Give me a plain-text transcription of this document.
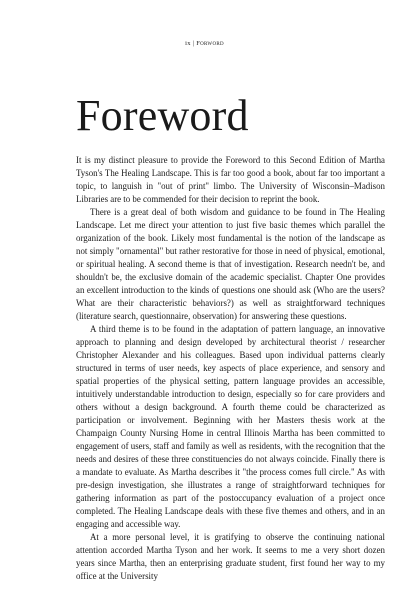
ix | Forword
Foreword

It is my distinct pleasure to provide the Foreword to this Second Edition of Martha Tyson's The Healing Landscape. This is far too good a book, about far too important a topic, to languish in "out of print" limbo. The University of Wisconsin–Madison Libraries are to be commended for their decision to reprint the book.

There is a great deal of both wisdom and guidance to be found in The Healing Landscape. Let me direct your attention to just five basic themes which parallel the organization of the book. Likely most fundamental is the notion of the landscape as not simply "ornamental" but rather restorative for those in need of physical, emotional, or spiritual healing. A second theme is that of investigation. Research needn't be, and shouldn't be, the exclusive domain of the academic specialist. Chapter One provides an excellent introduction to the kinds of questions one should ask (Who are the users? What are their characteristic behaviors?) as well as straightforward techniques (literature search, questionnaire, observation) for answering these questions.

A third theme is to be found in the adaptation of pattern language, an innovative approach to planning and design developed by architectural theorist / researcher Christopher Alexander and his colleagues. Based upon individual patterns clearly structured in terms of user needs, key aspects of place experience, and sensory and spatial properties of the physical setting, pattern language provides an accessible, intuitively understandable introduction to design, especially so for care providers and others without a design background. A fourth theme could be characterized as participation or involvement. Beginning with her Masters thesis work at the Champaign County Nursing Home in central Illinois Martha has been committed to engagement of users, staff and family as well as residents, with the recognition that the needs and desires of these three constituencies do not always coincide. Finally there is a mandate to evaluate. As Martha describes it "the process comes full circle." As with pre-design investigation, she illustrates a range of straightforward techniques for gathering information as part of the postoccupancy evaluation of a project once completed. The Healing Landscape deals with these five themes and others, and in an engaging and accessible way.

At a more personal level, it is gratifying to observe the continuing national attention accorded Martha Tyson and her work. It seems to me a very short dozen years since Martha, then an enterprising graduate student, first found her way to my office at the University
